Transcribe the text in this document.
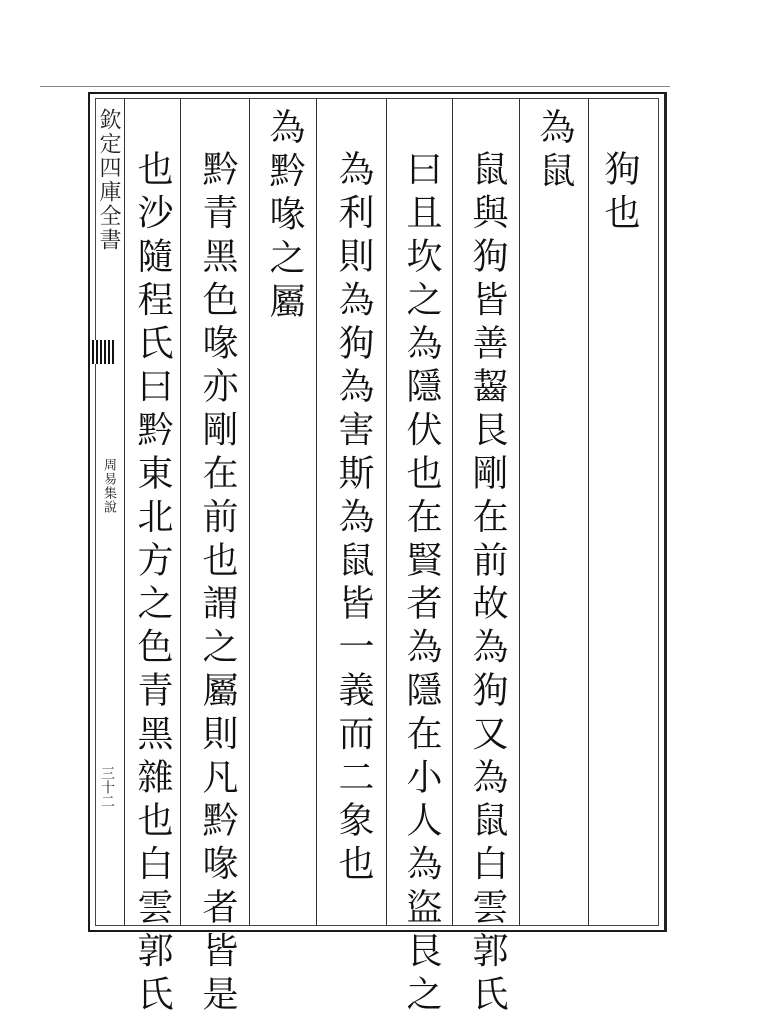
欽定四庫全書
周易集說
三十二
狗也
為鼠
鼠與狗皆善齧艮剛在前故為狗又為鼠白雲郭氏
曰且坎之為隱伏也在賢者為隱在小人為盜艮之
為利則為狗為害斯為鼠皆一義而二象也
為黔喙之屬
黔青黑色喙亦剛在前也謂之屬則凡黔喙者皆是
也沙隨程氏曰黔東北方之色青黑雜也白雲郭氏
